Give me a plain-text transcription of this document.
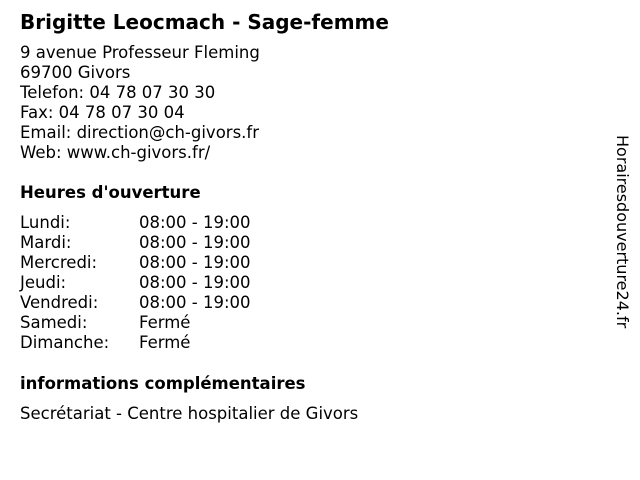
Brigitte Leocmach - Sage-femme
9 avenue Professeur Fleming
69700 Givors
Telefon: 04 78 07 30 30
Fax: 04 78 07 30 04
Email: direction@ch-givors.fr
Web: www.ch-givors.fr/
Heures d'ouverture
Lundi:	08:00 - 19:00
Mardi:	08:00 - 19:00
Mercredi:	08:00 - 19:00
Jeudi:	08:00 - 19:00
Vendredi: 08:00 - 19:00
Samedi:	Fermé
Dimanche: Fermé
informations complémentaires
Secrétariat - Centre hospitalier de Givors
Horairesdouverture24.fr
